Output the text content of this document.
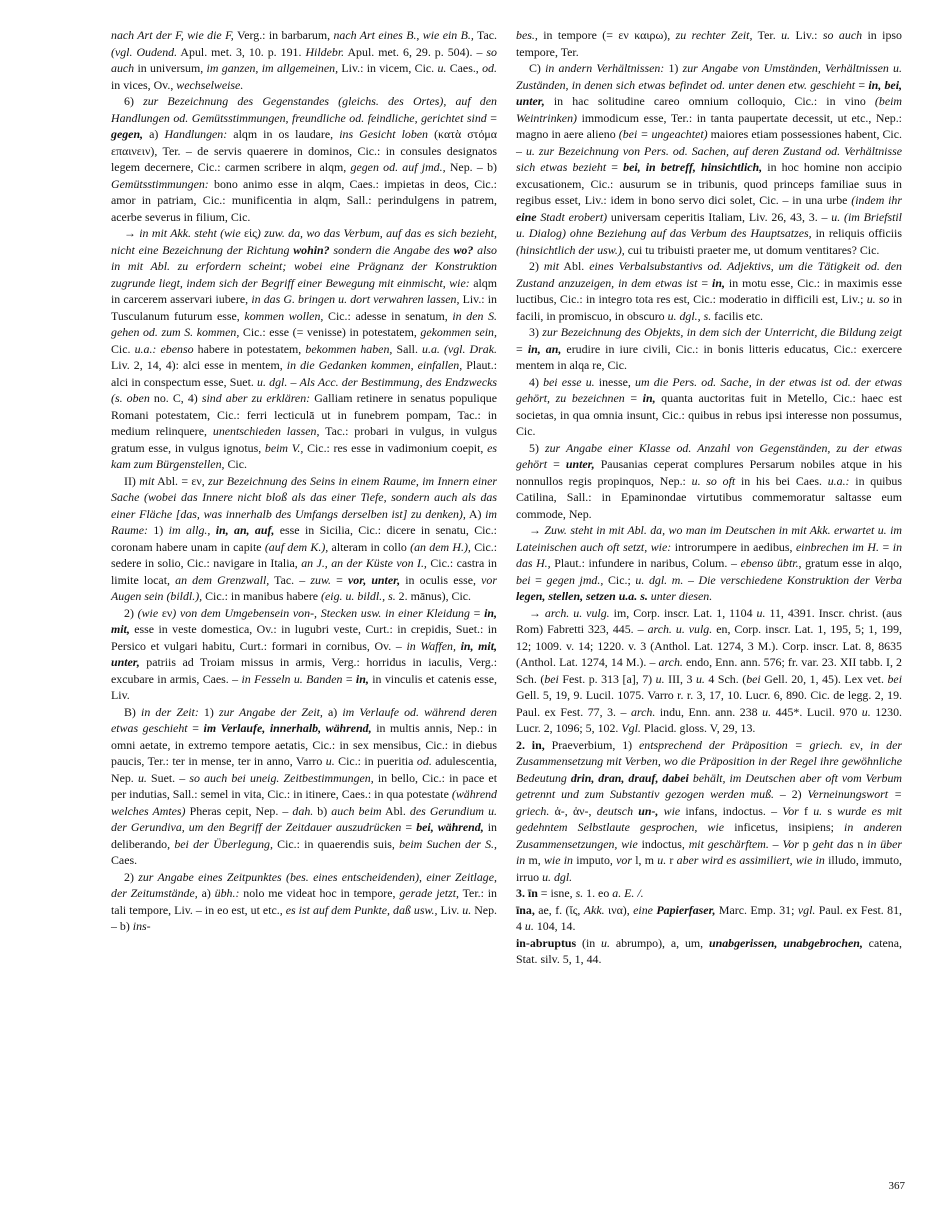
nach Art der F, wie die F, Verg.: in barbarum, nach Art eines B., wie ein B., Tac. (vgl. Oudend. Apul. met. 3, 10. p. 191. Hildebr. Apul. met. 6, 29. p. 504). – so auch in universum, im ganzen, im allgemeinen, Liv.: in vicem, Cic. u. Caes., od. in vices, Ov., wechselweise.

6) zur Bezeichnung des Gegenstandes (gleichs. des Ortes), auf den Handlungen od. Gemütsstimmungen, freundliche od. feindliche, gerichtet sind = gegen, a) Handlungen: alqm in os laudare, ins Gesicht loben (κατὰ στόμα επαινειν), Ter. – de servis quaerere in dominos, Cic.: in consules designatos legem decernere, Cic.: carmen scribere in alqm, gegen od. auf jmd., Nep. – b) Gemütsstimmungen: bono animo esse in alqm, Caes.: impietas in deos, Cic.: amor in patriam, Cic.: munificentia in alqm, Sall.: perindulgens in patrem, acerbe severus in filium, Cic.

→ in mit Akk. steht (wie εἰς) zuw. da, wo das Verbum, auf das es sich bezieht, nicht eine Bezeichnung der Richtung wohin? sondern die Angabe des wo? also in mit Abl. zu erfordern scheint; wobei eine Prägnanz der Konstruktion zugrunde liegt, indem sich der Begriff einer Bewegung mit einmischt, wie: alqm in carcerem asservari iubere, in das G. bringen u. dort verwahren lassen, Liv.: in Tusculanum futurum esse, kommen wollen, Cic.: adesse in senatum, in den S. gehen od. zum S. kommen, Cic.: esse (= venisse) in potestatem, gekommen sein, Cic. u.a.: ebenso habere in potestatem, bekommen haben, Sall. u.a. (vgl. Drak. Liv. 2, 14, 4): alci esse in mentem, in die Gedanken kommen, einfallen, Plaut.: alci in conspectum esse, Suet. u. dgl. – Als Acc. der Bestimmung, des Endzwecks (s. oben no. C, 4) sind aber zu erklären: Galliam retinere in senatus populique Romani potestatem, Cic.: ferri lecticulā ut in funebrem pompam, Tac.: in medium relinquere, unentschieden lassen, Tac.: probari in vulgus, in vulgus gratum esse, in vulgus ignotus, beim V., Cic.: res esse in vadimonium coepit, es kam zum Bürgenstellen, Cic.

II) mit Abl. = εν, zur Bezeichnung des Seins in einem Raume, im Innern einer Sache (wobei das Innere nicht bloß als das einer Tiefe, sondern auch als das einer Fläche [das, was innerhalb des Umfangs derselben ist] zu denken), A) im Raume: 1) im allg., in, an, auf, esse in Sicilia, Cic.: dicere in senatu, Cic.: coronam habere unam in capite (auf dem K.), alteram in collo (an dem H.), Cic.: sedere in solio, Cic.: navigare in Italia, an J., an der Küste von I., Cic.: castra in limite locat, an dem Grenzwall, Tac. – zuw. = vor, unter, in oculis esse, vor Augen sein (bildl.), Cic.: in manibus habere (eig. u. bildl., s. 2. mānus), Cic.

2) (wie εν) von dem Umgebensein von-, Stecken usw. in einer Kleidung = in, mit, esse in veste domestica, Ov.: in lugubri veste, Curt.: in crepidis, Suet.: in Persico et vulgari habitu, Curt.: formari in cornibus, Ov. – in Waffen, in, mit, unter, patriis ad Troiam missus in armis, Verg.: horridus in iaculis, Verg.: excubare in armis, Caes. – in Fesseln u. Banden = in, in vinculis et catenis esse, Liv.

B) in der Zeit: 1) zur Angabe der Zeit, a) im Verlaufe od. während deren etwas geschieht = im Verlaufe, innerhalb, während, in multis annis, Nep.: in omni aetate, in extremo tempore aetatis, Cic.: in sex mensibus, Cic.: in diebus paucis, Ter.: ter in mense, ter in anno, Varro u. Cic.: in pueritia od. adulescentia, Nep. u. Suet. – so auch bei uneig. Zeitbestimmungen, in bello, Cic.: in pace et per indutias, Sall.: semel in vita, Cic.: in itinere, Caes.: in qua potestate (während welches Amtes) Pheras cepit, Nep. – dah. b) auch beim Abl. des Gerundium u. der Gerundiva, um den Begriff der Zeitdauer auszudrücken = bei, während, in deliberando, bei der Überlegung, Cic.: in quaerendis suis, beim Suchen der S., Caes.

2) zur Angabe eines Zeitpunktes (bes. eines entscheidenden), einer Zeitlage, der Zeitumstände, a) übh.: nolo me videat hoc in tempore, gerade jetzt, Ter.: in tali tempore, Liv. – in eo est, ut etc., es ist auf dem Punkte, daß usw., Liv. u. Nep. – b) ins-

bes., in tempore (= εν καιρω), zu rechter Zeit, Ter. u. Liv.: so auch in ipso tempore, Ter.

C) in andern Verhältnissen: 1) zur Angabe von Umständen, Verhältnissen u. Zuständen, in denen sich etwas befindet od. unter denen etw. geschieht = in, bei, unter, in hac solitudine careo omnium colloquio, Cic.: in vino (beim Weintrinken) immodicum esse, Ter.: in tanta paupertate decessit, ut etc., Nep.: magno in aere alieno (bei = ungeachtet) maiores etiam possessiones habent, Cic. – u. zur Bezeichnung von Pers. od. Sachen, auf deren Zustand od. Verhältnisse sich etwas bezieht = bei, in betreff, hinsichtlich, in hoc homine non accipio excusationem, Cic.: ausurum se in tribunis, quod princeps familiae suus in regibus esset, Liv.: idem in bono servo dici solet, Cic. – in una urbe (indem ihr eine Stadt erobert) universam ceperitis Italiam, Liv. 26, 43, 3. – u. (im Briefstil u. Dialog) ohne Beziehung auf das Verbum des Hauptsatzes, in reliquis officiis (hinsichtlich der usw.), cui tu tribuisti praeter me, ut domum ventitares? Cic.

2) mit Abl. eines Verbalsubstantivs od. Adjektivs, um die Tätigkeit od. den Zustand anzuzeigen, in dem etwas ist = in, in motu esse, Cic.: in maximis esse luctibus, Cic.: in integro tota res est, Cic.: moderatio in difficili est, Liv.; u. so in facili, in promiscuo, in obscuro u. dgl., s. facilis etc.

3) zur Bezeichnung des Objekts, in dem sich der Unterricht, die Bildung zeigt = in, an, erudire in iure civili, Cic.: in bonis litteris educatus, Cic.: exercere mentem in alqa re, Cic.

4) bei esse u. inesse, um die Pers. od. Sache, in der etwas ist od. der etwas gehört, zu bezeichnen = in, quanta auctoritas fuit in Metello, Cic.: haec est societas, in qua omnia insunt, Cic.: quibus in rebus ipsi interesse non possumus, Cic.

5) zur Angabe einer Klasse od. Anzahl von Gegenständen, zu der etwas gehört = unter, Pausanias ceperat complures Persarum nobiles atque in his nonnullos regis propinquos, Nep.: u. so oft in his bei Caes. u.a.: in quibus Catilina, Sall.: in Epaminondae virtutibus commemoratur saltasse eum commode, Nep.

→ Zuw. steht in mit Abl. da, wo man im Deutschen in mit Akk. erwartet u. im Lateinischen auch oft setzt, wie: introrumpere in aedibus, einbrechen im H. = in das H., Plaut.: infundere in naribus, Colum. – ebenso übtr., gratum esse in alqo, bei = gegen jmd., Cic.; u. dgl. m. – Die verschiedene Konstruktion der Verba legen, stellen, setzen u.a. s. unter diesen.

→ arch. u. vulg. im, Corp. inscr. Lat. 1, 1104 u. 11, 4391. Inscr. christ. (aus Rom) Fabretti 323, 445. – arch. u. vulg. en, Corp. inscr. Lat. 1, 195, 5; 1, 199, 12; 1009. v. 14; 1220. v. 3 (Anthol. Lat. 1274, 3 M.). Corp. inscr. Lat. 8, 8635 (Anthol. Lat. 1274, 14 M.). – arch. endo, Enn. ann. 576; fr. var. 23. XII tabb. I, 2 Sch. (bei Fest. p. 313 [a], 7) u. III, 3 u. 4 Sch. (bei Gell. 20, 1, 45). Lex vet. bei Gell. 5, 19, 9. Lucil. 1075. Varro r. r. 3, 17, 10. Lucr. 6, 890. Cic. de legg. 2, 19. Paul. ex Fest. 77, 3. – arch. indu, Enn. ann. 238 u. 445*. Lucil. 970 u. 1230. Lucr. 2, 1096; 5, 102. Vgl. Placid. gloss. V, 29, 13.

2. in, Praeverbium, 1) entsprechend der Präposition = griech. εν, in der Zusammensetzung mit Verben, wo die Präposition in der Regel ihre gewöhnliche Bedeutung drin, dran, drauf, dabei behält, im Deutschen aber oft vom Verbum getrennt und zum Substantiv gezogen werden muß. – 2) Verneinungswort = griech. ἀ-, ἀν-, deutsch un-, wie infans, indoctus. – Vor f u. s wurde es mit gedehntem Selbstlaute gesprochen, wie inficetus, insipiens; in anderen Zusammensetzungen, wie indoctus, mit geschärftem. – Vor p geht das n in über in m, wie in imputo, vor l, m u. r aber wird es assimiliert, wie in illudo, immuto, irruo u. dgl.

3. īn = isne, s. 1. eo a. E. /.

īna, ae, f. (ἴς, Akk. ινα), eine Papierfaser, Marc. Emp. 31; vgl. Paul. ex Fest. 81, 4 u. 104, 14.

in-abruptus (in u. abrumpo), a, um, unabgerissen, unabgebrochen, catena, Stat. silv. 5, 1, 44.

367
